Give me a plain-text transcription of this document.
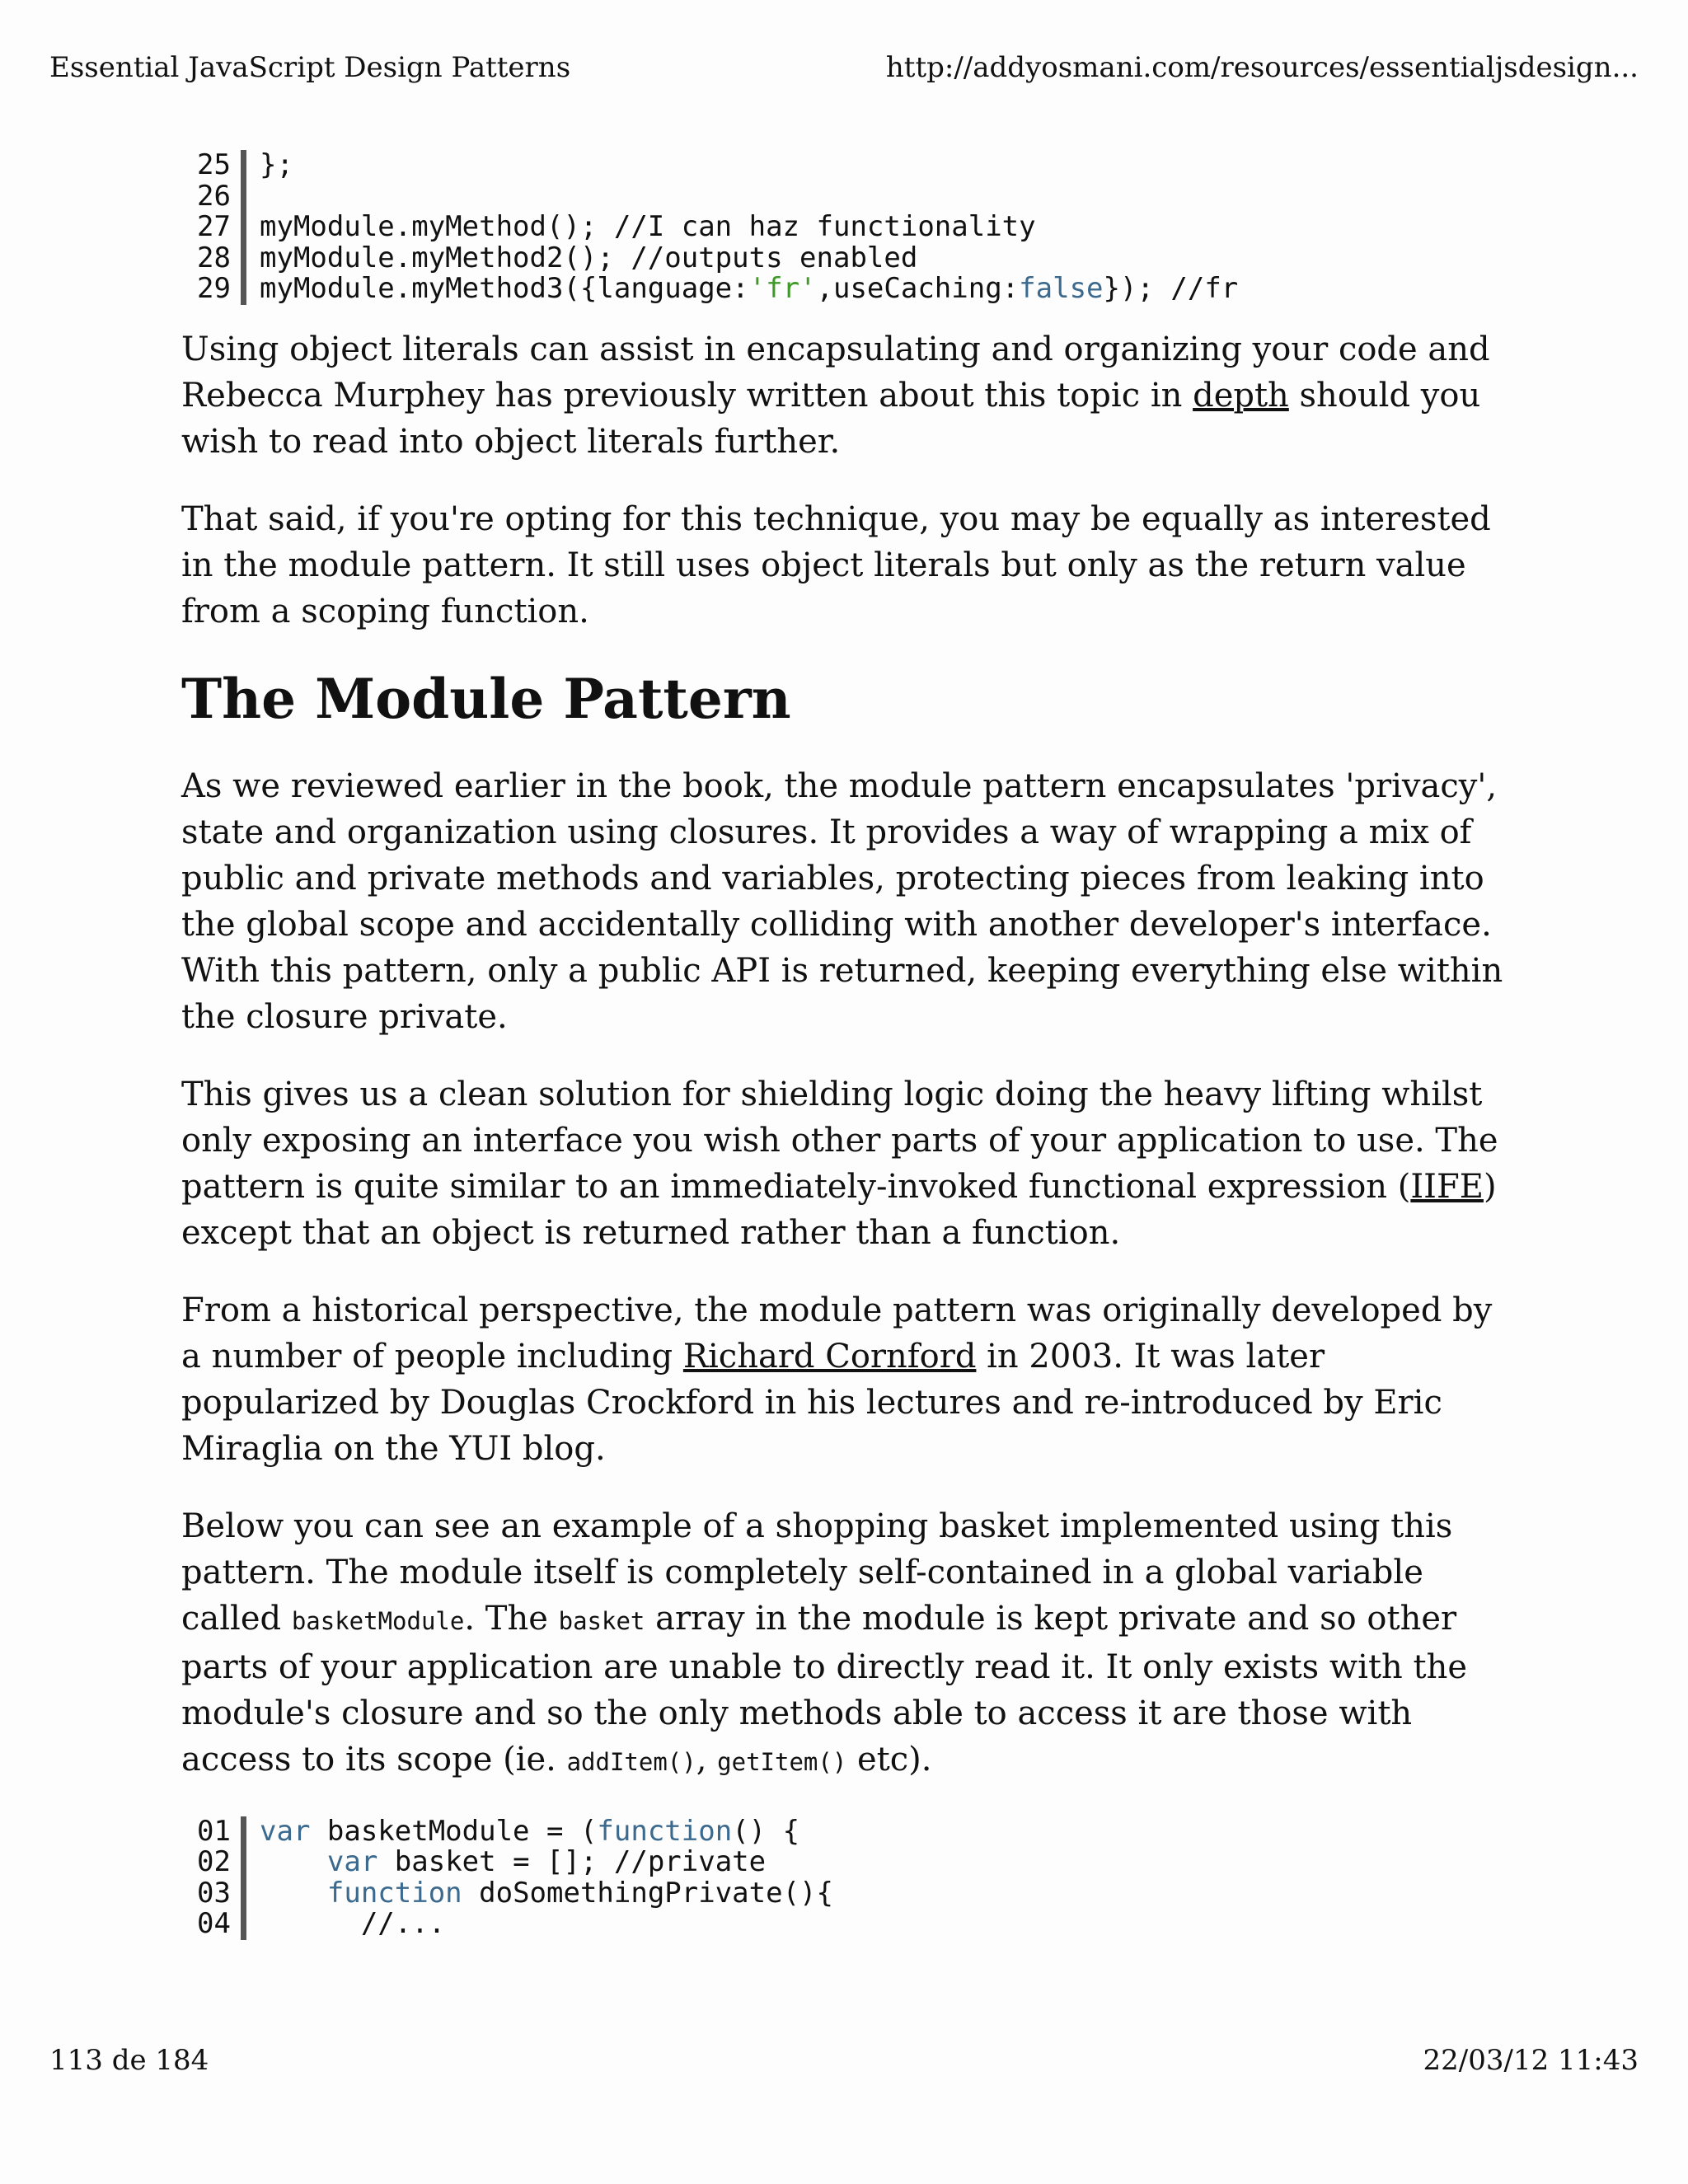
Essential JavaScript Design Patterns	http://addyosmani.com/resources/essentialjsdesign...
25	};
26
27	myModule.myMethod(); //I can haz functionality
28	myModule.myMethod2(); //outputs enabled
29	myModule.myMethod3({language: 'fr' ,useCaching: false }); //fr

Using object literals can assist in encapsulating and organizing your code and Rebecca Murphey has previously written about this topic in depth should you wish to read into object literals further.

That said, if you're opting for this technique, you may be equally as interested in the module pattern. It still uses object literals but only as the return value from a scoping function.

The Module Pattern

As we reviewed earlier in the book, the module pattern encapsulates 'privacy', state and organization using closures. It provides a way of wrapping a mix of public and private methods and variables, protecting pieces from leaking into the global scope and accidentally colliding with another developer's interface. With this pattern, only a public API is returned, keeping everything else within the closure private.

This gives us a clean solution for shielding logic doing the heavy lifting whilst only exposing an interface you wish other parts of your application to use. The pattern is quite similar to an immediately-invoked functional expression (IIFE) except that an object is returned rather than a function.

From a historical perspective, the module pattern was originally developed by a number of people including Richard Cornford in 2003. It was later popularized by Douglas Crockford in his lectures and re-introduced by Eric Miraglia on the YUI blog.

Below you can see an example of a shopping basket implemented using this pattern. The module itself is completely self-contained in a global variable called basketModule. The basket array in the module is kept private and so other parts of your application are unable to directly read it. It only exists with the module's closure and so the only methods able to access it are those with access to its scope (ie. addItem(), getItem() etc).

01	var basketModule = ( function () {
02
	var basket = []; //private
03
	function doSomethingPrivate(){
04	//...
113 de 184	22/03/12 11:43
